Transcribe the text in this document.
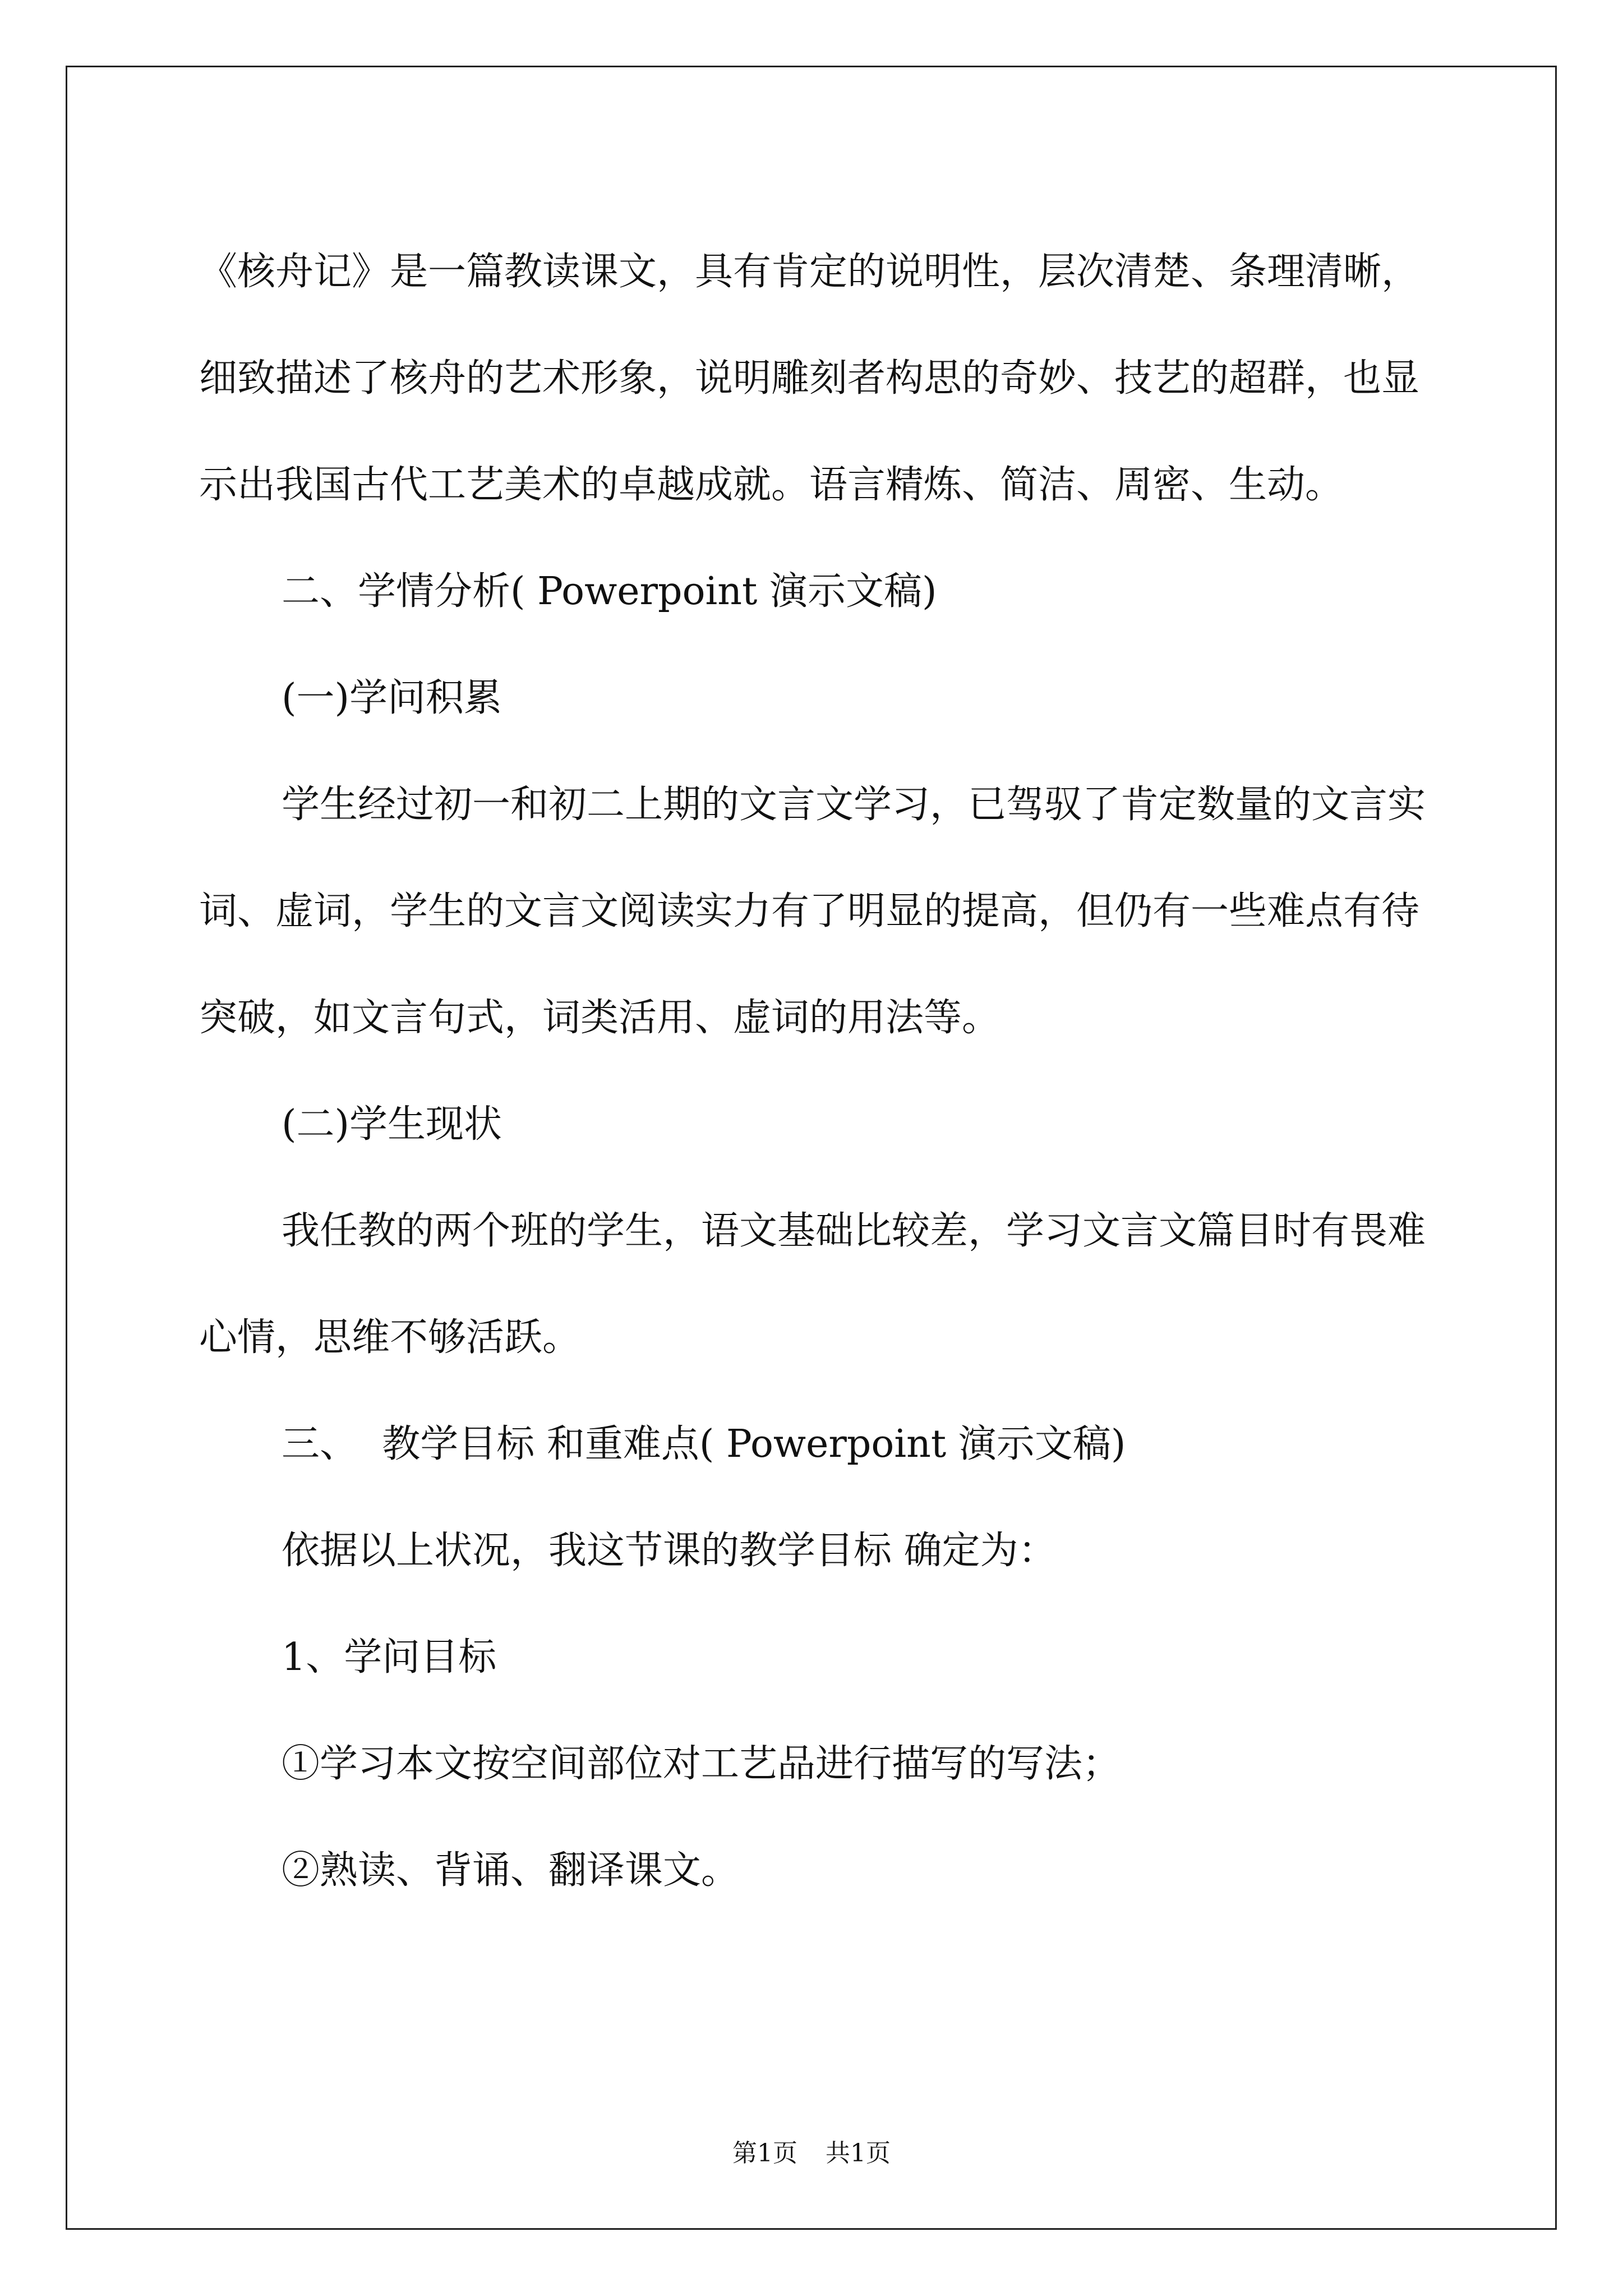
《核舟记》是一篇教读课文，具有肯定的说明性，层次清楚、条理清晰，细致描述了核舟的艺术形象，说明雕刻者构思的奇妙、技艺的超群，也显示出我国古代工艺美术的卓越成就。语言精炼、简洁、周密、生动。

二、学情分析( Powerpoint 演示文稿)

(一)学问积累

学生经过初一和初二上期的文言文学习，已驾驭了肯定数量的文言实词、虚词，学生的文言文阅读实力有了明显的提高，但仍有一些难点有待突破，如文言句式，词类活用、虚词的用法等。

(二)学生现状

我任教的两个班的学生，语文基础比较差，学习文言文篇目时有畏难心情，思维不够活跃。

三、  教学目标 和重难点( Powerpoint 演示文稿)

依据以上状况，我这节课的教学目标 确定为：

1、学问目标

①学习本文按空间部位对工艺品进行描写的写法；

②熟读、背诵、翻译课文。

第1页 共1页
